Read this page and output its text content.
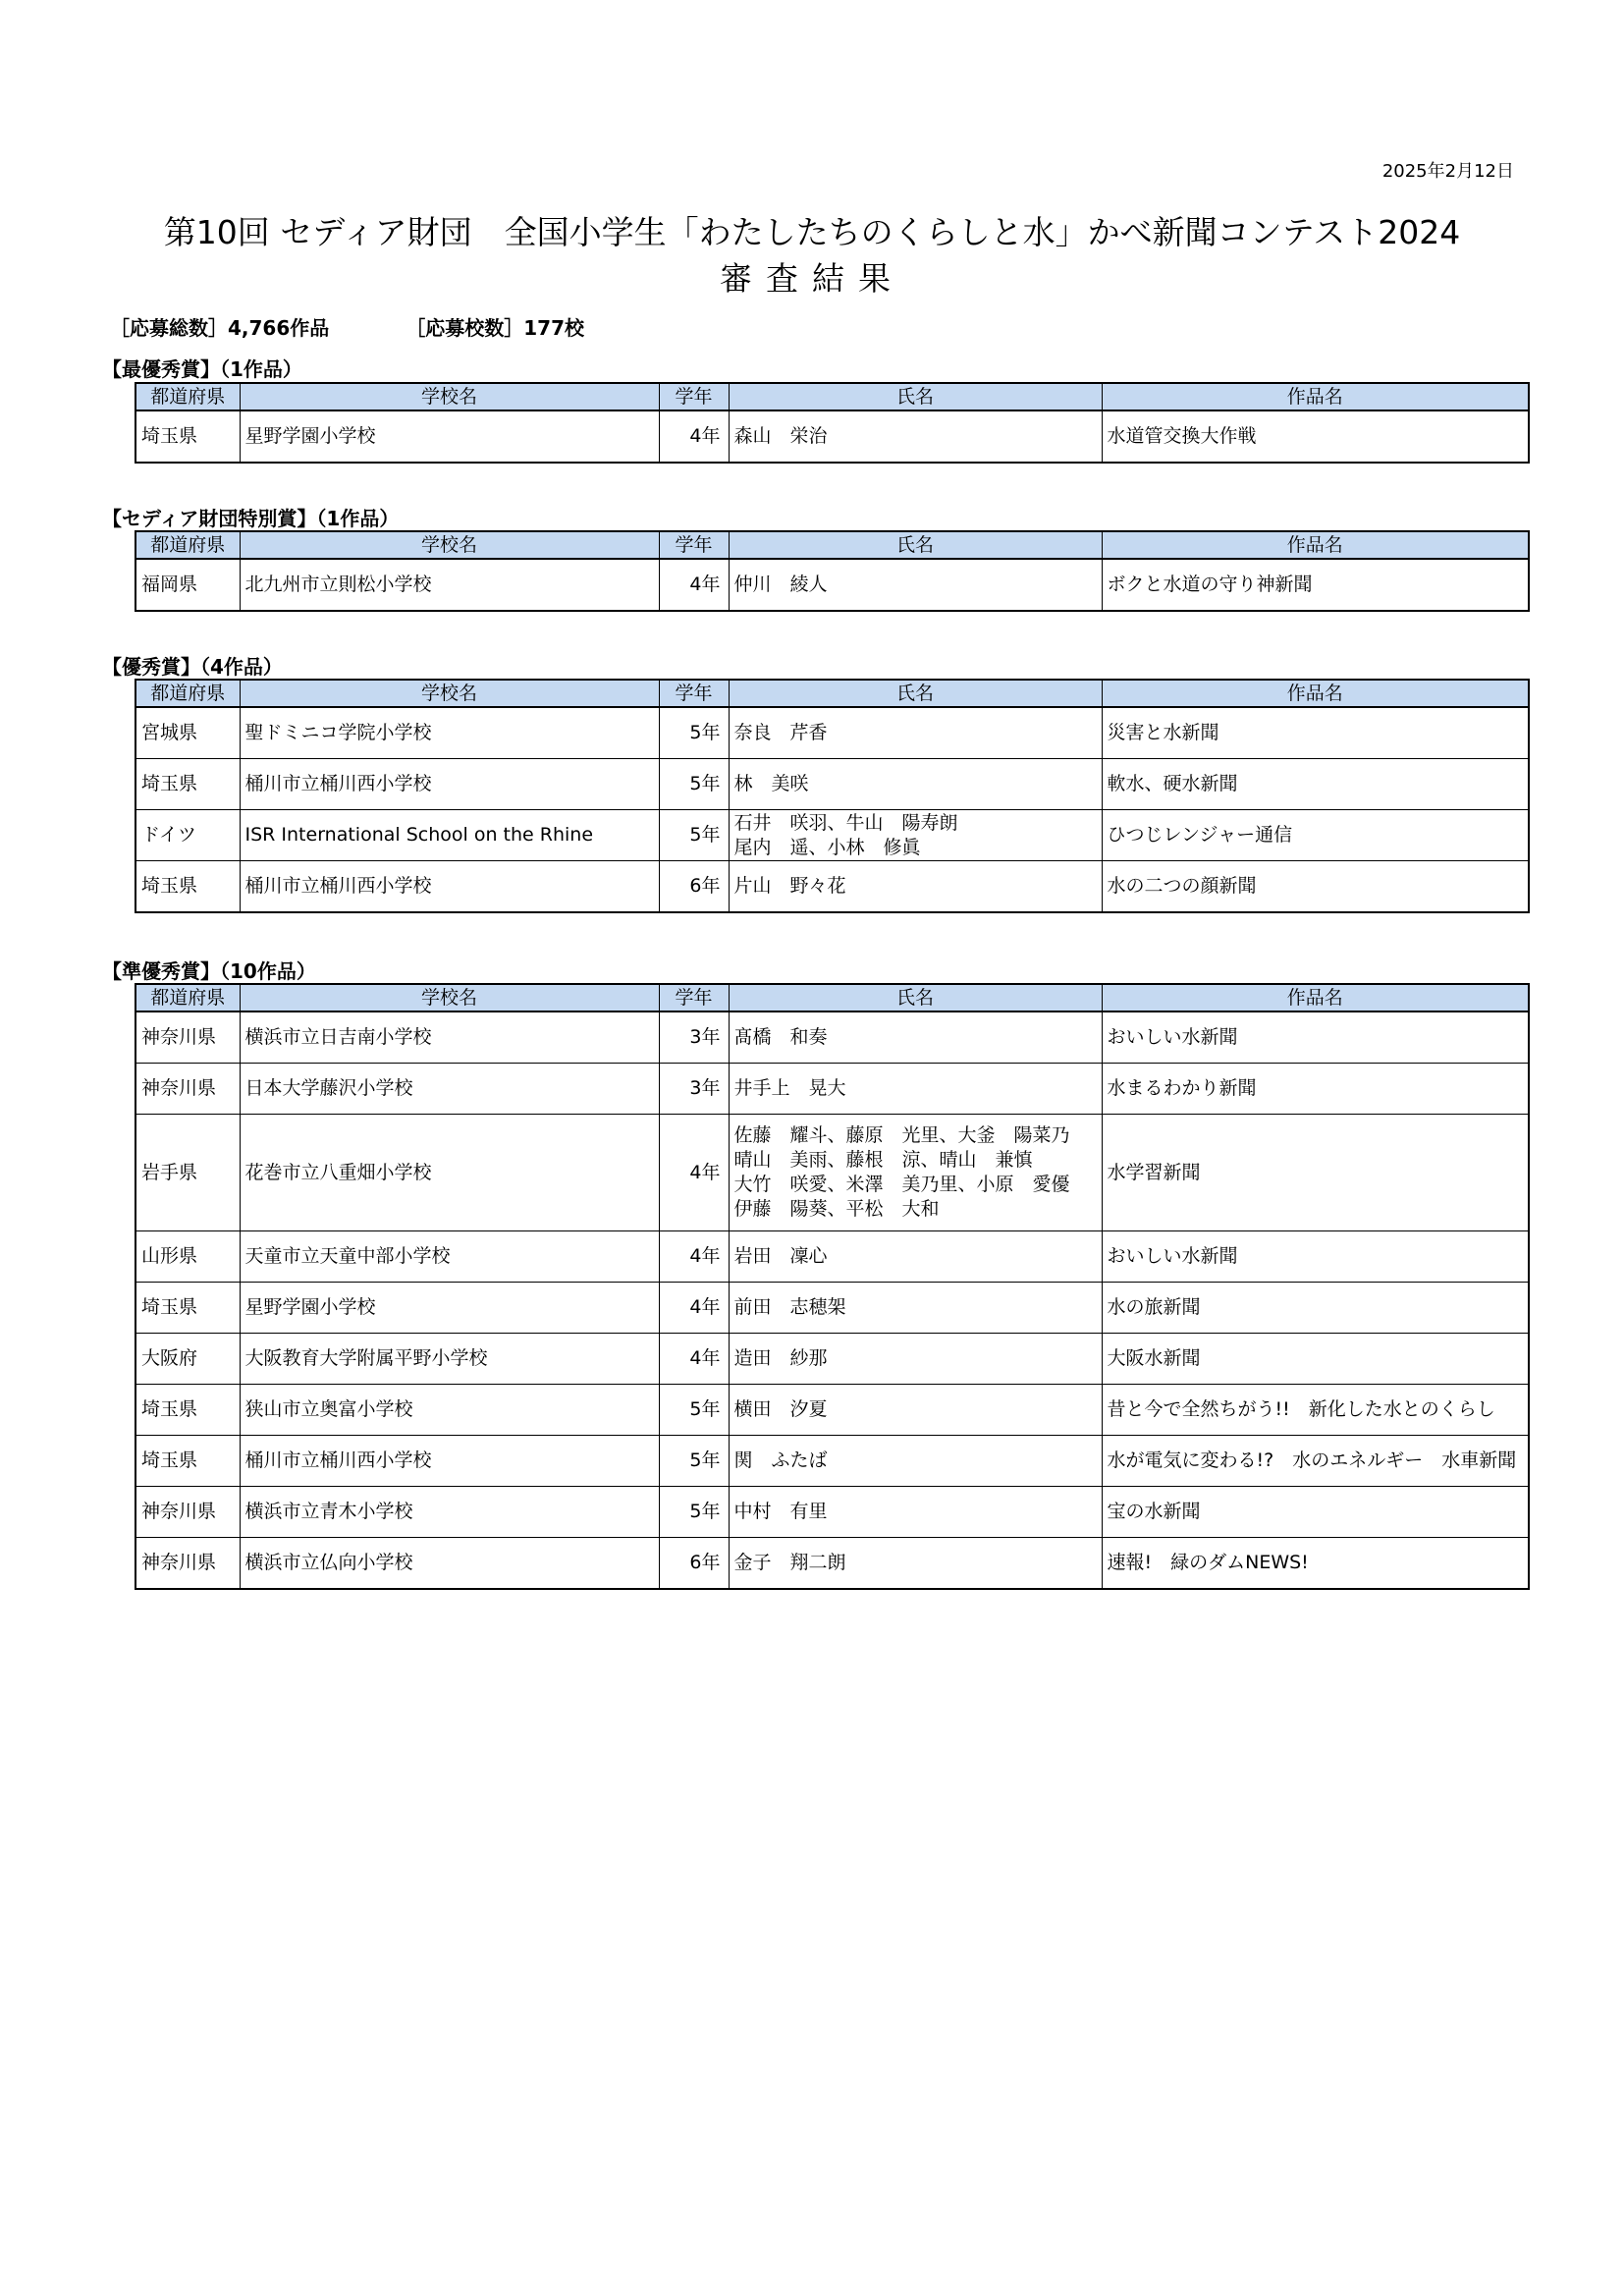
2025年2月12日
第10回 セディア財団　全国小学生「わたしたちのくらしと水」かべ新聞コンテスト2024
審査結果
［応募総数］4,766作品	［応募校数］177校
【最優秀賞】（1作品）
都道府県	学校名	学年	氏名	作品名
埼玉県	星野学園小学校	4年	森山　栄治	水道管交換大作戦
【セディア財団特別賞】（1作品）
都道府県	学校名	学年	氏名	作品名
福岡県	北九州市立則松小学校	4年	仲川　綾人	ボクと水道の守り神新聞
【優秀賞】（4作品）
都道府県	学校名	学年	氏名	作品名
宮城県	聖ドミニコ学院小学校	5年	奈良　芹香	災害と水新聞
埼玉県	桶川市立桶川西小学校	5年	林　美咲	軟水、硬水新聞
ドイツ	ISR International School on the Rhine	5年	石井　咲羽、牛山　陽寿朗
尾内　遥、小林　修眞	ひつじレンジャー通信
埼玉県	桶川市立桶川西小学校	6年	片山　野々花	水の二つの顔新聞
【準優秀賞】（10作品）
都道府県	学校名	学年	氏名	作品名
神奈川県	横浜市立日吉南小学校	3年	髙橋　和奏	おいしい水新聞
神奈川県	日本大学藤沢小学校	3年	井手上　晃大	水まるわかり新聞
岩手県	花巻市立八重畑小学校	4年	佐藤　耀斗、藤原　光里、大釜　陽菜乃
晴山　美雨、藤根　涼、晴山　兼慎
大竹　咲愛、米澤　美乃里、小原　愛優
伊藤　陽葵、平松　大和	水学習新聞
山形県	天童市立天童中部小学校	4年	岩田　凜心	おいしい水新聞
埼玉県	星野学園小学校	4年	前田　志穂架	水の旅新聞
大阪府	大阪教育大学附属平野小学校	4年	造田　紗那	大阪水新聞
埼玉県	狭山市立奥富小学校	5年	横田　汐夏	昔と今で全然ちがう!!　新化した水とのくらし
埼玉県	桶川市立桶川西小学校	5年	関　ふたば	水が電気に変わる!?　水のエネルギー　水車新聞
神奈川県	横浜市立青木小学校	5年	中村　有里	宝の水新聞
神奈川県	横浜市立仏向小学校	6年	金子　翔二朗	速報!　緑のダムNEWS!
